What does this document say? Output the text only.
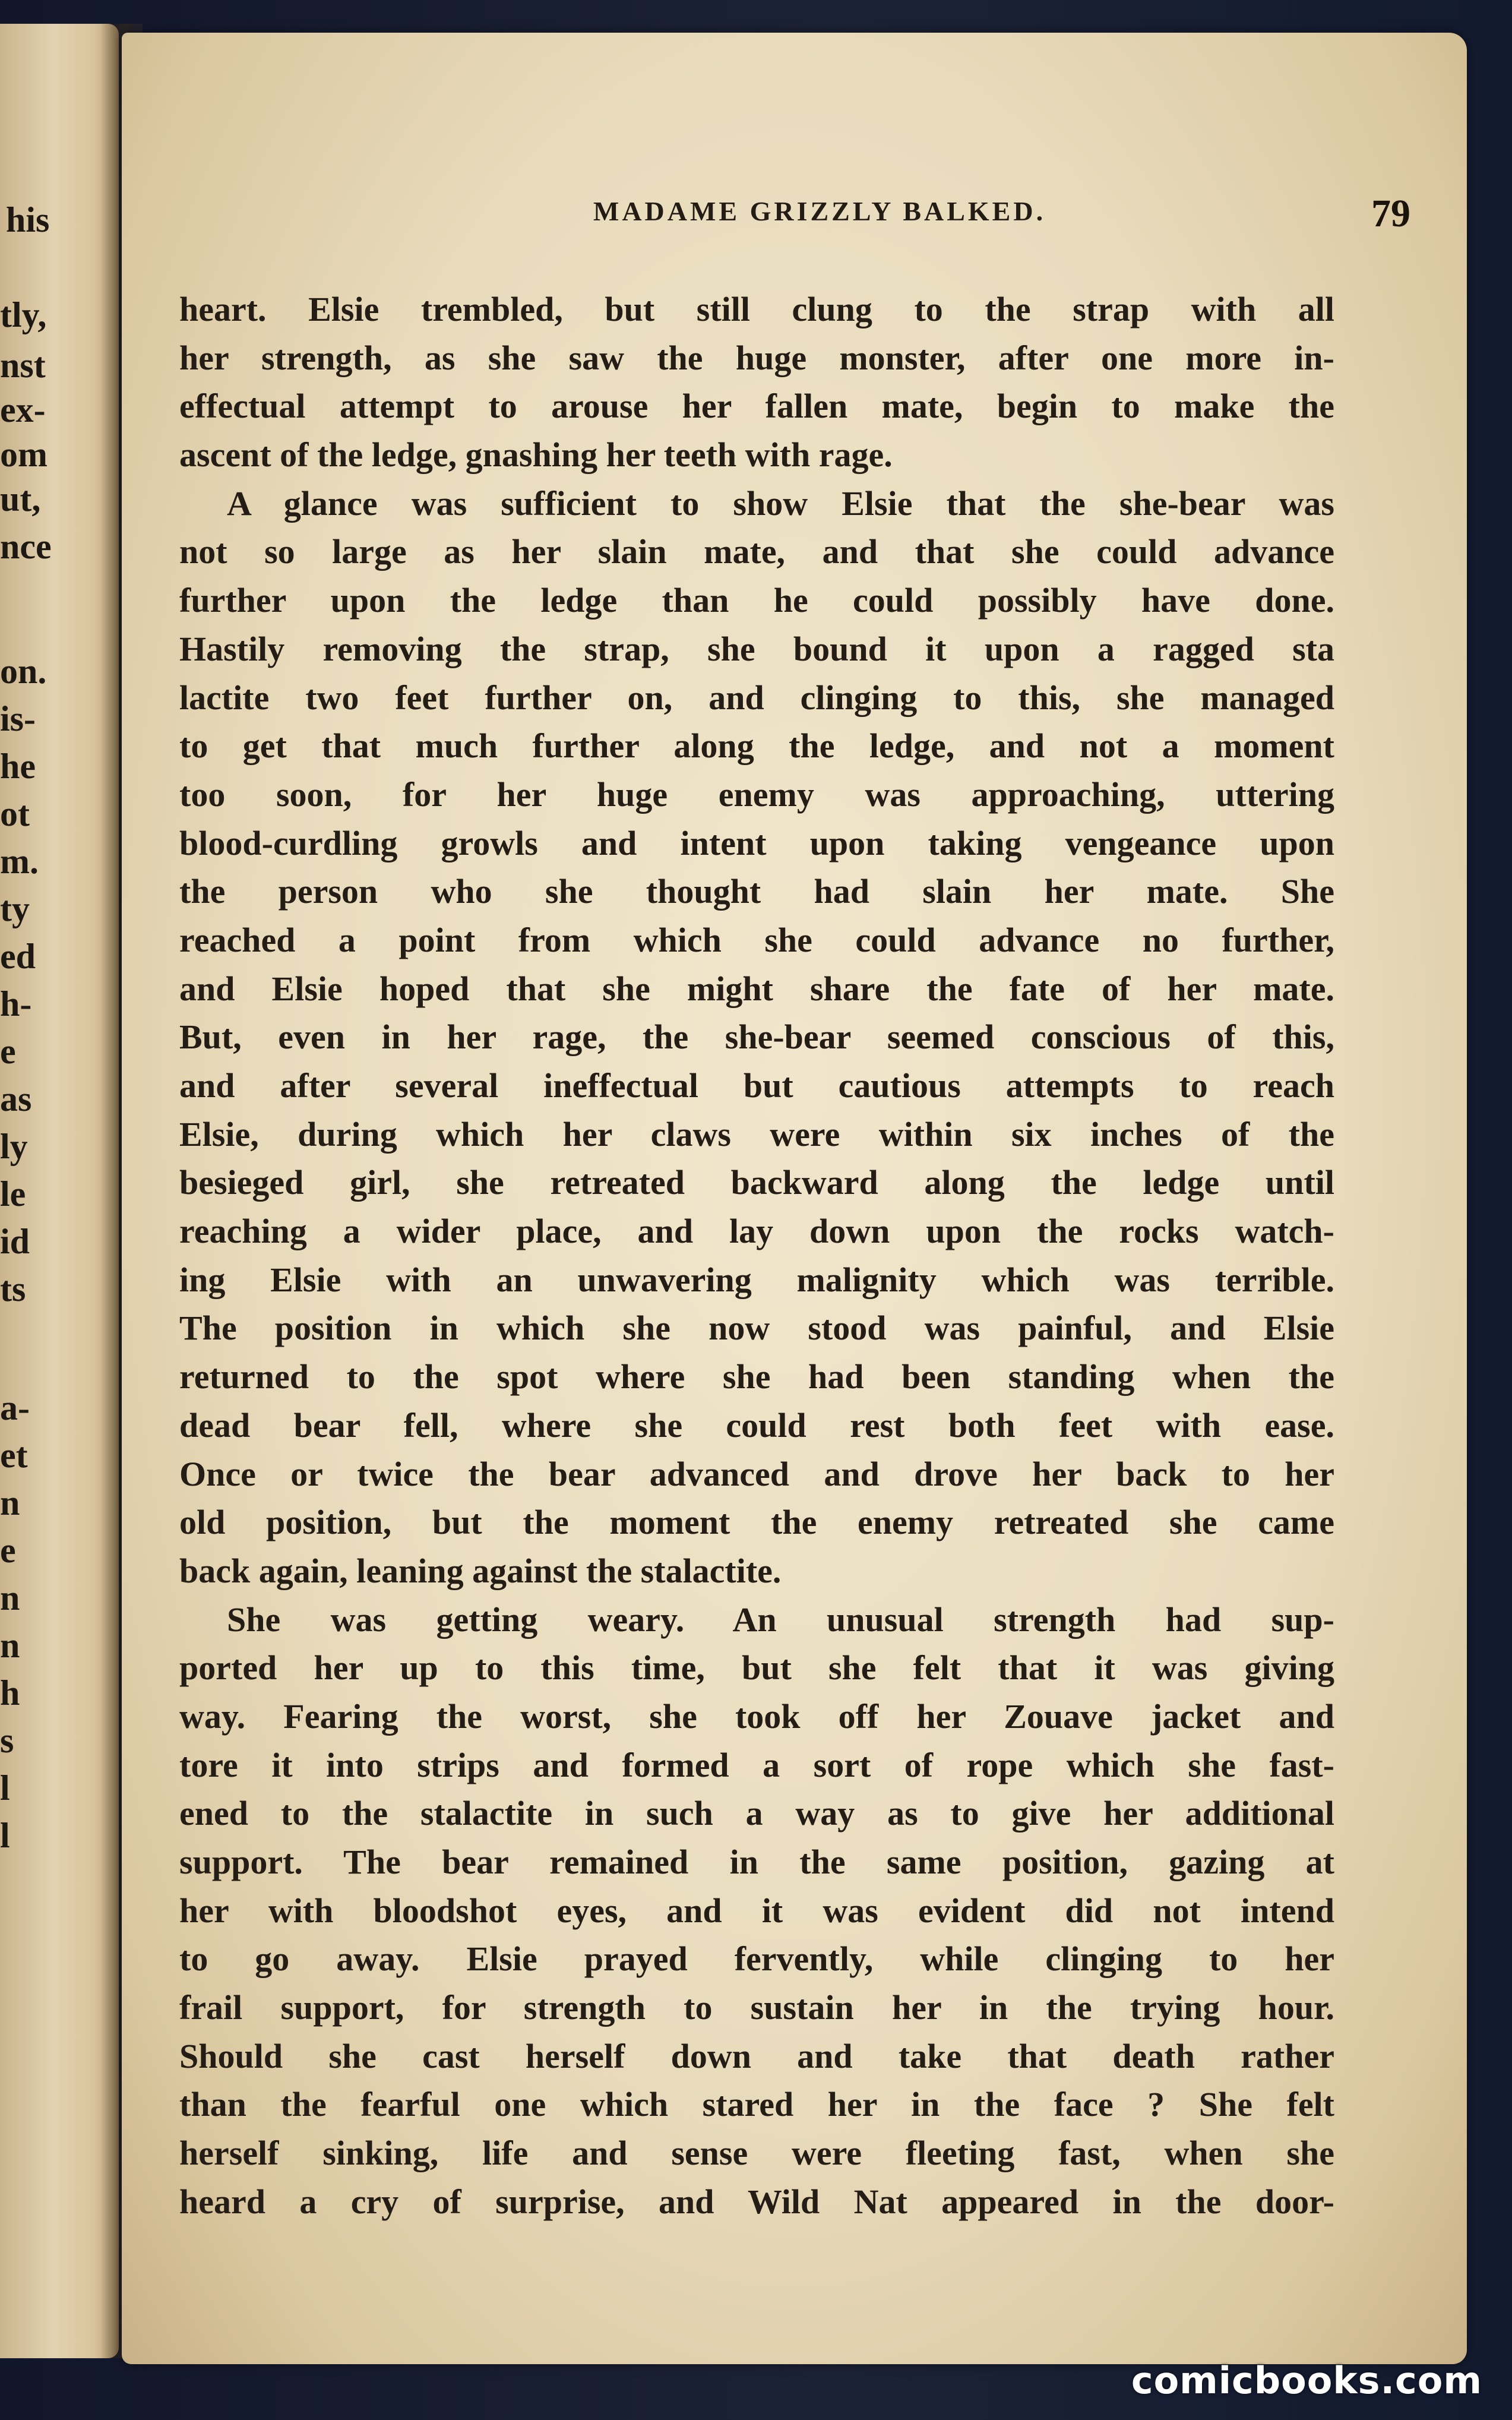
his
tly,
nst
ex-
om
ut,
nce
on.
is-
he
ot
m.
ty
ed
h-
e
as
ly
le
id
ts
a-
et
n
e
n
n
h
s
l
l
MADAME GRIZZLY BALKED.	79
heart. Elsie trembled, but still clung to the strap with all
her strength, as she saw the huge monster, after one more in-
effectual attempt to arouse her fallen mate, begin to make the
ascent of the ledge, gnashing her teeth with rage.
A glance was sufficient to show Elsie that the she-bear was
not so large as her slain mate, and that she could advance
further upon the ledge than he could possibly have done.
Hastily removing the strap, she bound it upon a ragged sta
lactite two feet further on, and clinging to this, she managed
to get that much further along the ledge, and not a moment
too soon, for her huge enemy was approaching, uttering
blood-curdling growls and intent upon taking vengeance upon
the person who she thought had slain her mate. She
reached a point from which she could advance no further,
and Elsie hoped that she might share the fate of her mate.
But, even in her rage, the she-bear seemed conscious of this,
and after several ineffectual but cautious attempts to reach
Elsie, during which her claws were within six inches of the
besieged girl, she retreated backward along the ledge until
reaching a wider place, and lay down upon the rocks watch-
ing Elsie with an unwavering malignity which was terrible.
The position in which she now stood was painful, and Elsie
returned to the spot where she had been standing when the
dead bear fell, where she could rest both feet with ease.
Once or twice the bear advanced and drove her back to her
old position, but the moment the enemy retreated she came
back again, leaning against the stalactite.
She was getting weary. An unusual strength had sup-
ported her up to this time, but she felt that it was giving
way. Fearing the worst, she took off her Zouave jacket and
tore it into strips and formed a sort of rope which she fast-
ened to the stalactite in such a way as to give her additional
support. The bear remained in the same position, gazing at
her with bloodshot eyes, and it was evident did not intend
to go away. Elsie prayed fervently, while clinging to her
frail support, for strength to sustain her in the trying hour.
Should she cast herself down and take that death rather
than the fearful one which stared her in the face ? She felt
herself sinking, life and sense were fleeting fast, when she
heard a cry of surprise, and Wild Nat appeared in the door-
comicbooks.com
